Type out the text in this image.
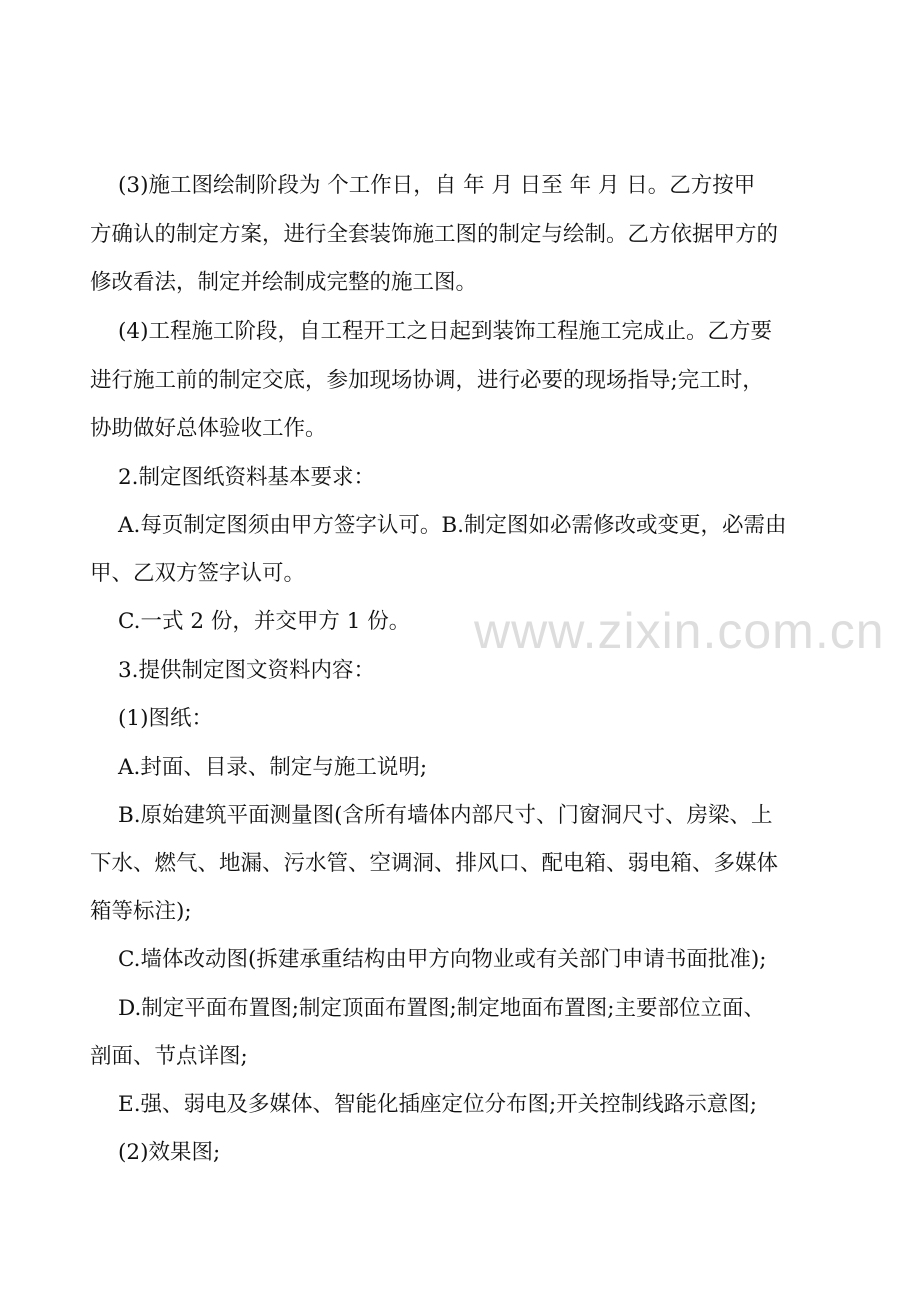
(3)施工图绘制阶段为 个工作日，自 年 月 日至 年 月 日。乙方按甲
方确认的制定方案，进行全套装饰施工图的制定与绘制。乙方依据甲方的
修改看法，制定并绘制成完整的施工图。
(4)工程施工阶段，自工程开工之日起到装饰工程施工完成止。乙方要
进行施工前的制定交底，参加现场协调，进行必要的现场指导;完工时，
协助做好总体验收工作。
2.制定图纸资料基本要求：
A.每页制定图须由甲方签字认可。B.制定图如必需修改或变更，必需由
甲、乙双方签字认可。
C.一式 2 份，并交甲方 1 份。
3.提供制定图文资料内容：
(1)图纸：
A.封面、目录、制定与施工说明;
B.原始建筑平面测量图(含所有墙体内部尺寸、门窗洞尺寸、房梁、上
下水、燃气、地漏、污水管、空调洞、排风口、配电箱、弱电箱、多媒体
箱等标注);
C.墙体改动图(拆建承重结构由甲方向物业或有关部门申请书面批准);
D.制定平面布置图;制定顶面布置图;制定地面布置图;主要部位立面、
剖面、节点详图;
E.强、弱电及多媒体、智能化插座定位分布图;开关控制线路示意图;
(2)效果图;
www.zixin.com.cn
